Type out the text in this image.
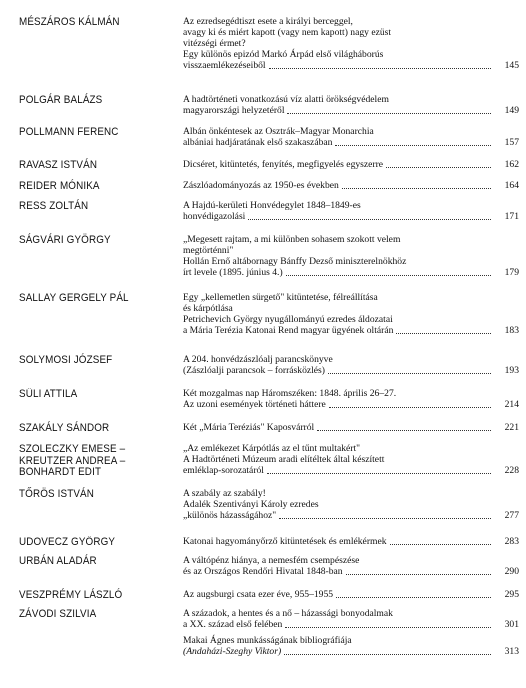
MÉSZÁROS KÁLMÁN	Az ezredsegédtiszt esete a királyi berceggel,
avagy ki és miért kapott (vagy nem kapott) nagy ezüst
vitézségi érmet?
Egy különös epizód Markó Árpád első világháborús
visszaemlékezéseiből	145
POLGÁR BALÁZS	A hadtörténeti vonatkozású víz alatti örökségvédelem
magyarországi helyzetéről	149
POLLMANN FERENC	Albán önkéntesek az Osztrák–Magyar Monarchia
albániai hadjáratának első szakaszában	157
RAVASZ ISTVÁN	Dicséret, kitüntetés, fenyítés, megfigyelés egyszerre	162
REIDER MÓNIKA	Zászlóadományozás az 1950-es években	164
RESS ZOLTÁN	A Hajdú-kerületi Honvédegylet 1848–1849-es
honvédigazolási	171
SÁGVÁRI GYÖRGY	„Megesett rajtam, a mi különben sohasem szokott velem
megtörténni"
Hollán Ernő altábornagy Bánffy Dezső miniszterelnökhöz
írt levele (1895. június 4.)	179
SALLAY GERGELY PÁL	Egy „kellemetlen sürgető" kitüntetése, félreállítása
és kárpótlása
Petrichevich György nyugállományú ezredes áldozatai
a Mária Terézia Katonai Rend magyar ügyének oltárán	183
SOLYMOSI JÓZSEF	A 204. honvédzászlóalj parancskönyve
(Zászlóalji parancsok – forrásközlés)	193
SÜLI ATTILA	Két mozgalmas nap Háromszéken: 1848. április 26–27.
Az uzoni események történeti háttere	214
SZAKÁLY SÁNDOR	Két „Mária Teréziás" Kaposvárról	221
SZOLECZKY EMESE –
KREUTZER ANDREA –
BONHARDT EDIT
„Az emlékezet Kárpótlás az el tűnt multakért"
A Hadtörténeti Múzeum aradi elítéltek által készített
emléklap-sorozatáról	228
TŐRÖS ISTVÁN	A szabály az szabály!
Adalék Szentiványi Károly ezredes
„különös házasságához"	277
UDOVECZ GYÖRGY	Katonai hagyományőrző kitüntetések és emlékérmek	283
URBÁN ALADÁR	A váltópénz hiánya, a nemesfém csempészése
és az Országos Rendőri Hivatal 1848-ban	290
VESZPRÉMY LÁSZLÓ	Az augsburgi csata ezer éve, 955–1955	295
ZÁVODI SZILVIA	A századok, a hentes és a nő – házassági bonyodalmak
a XX. század első felében	301
Makai Ágnes munkásságának bibliográfiája
(Andaházi-Szeghy Viktor)	313
